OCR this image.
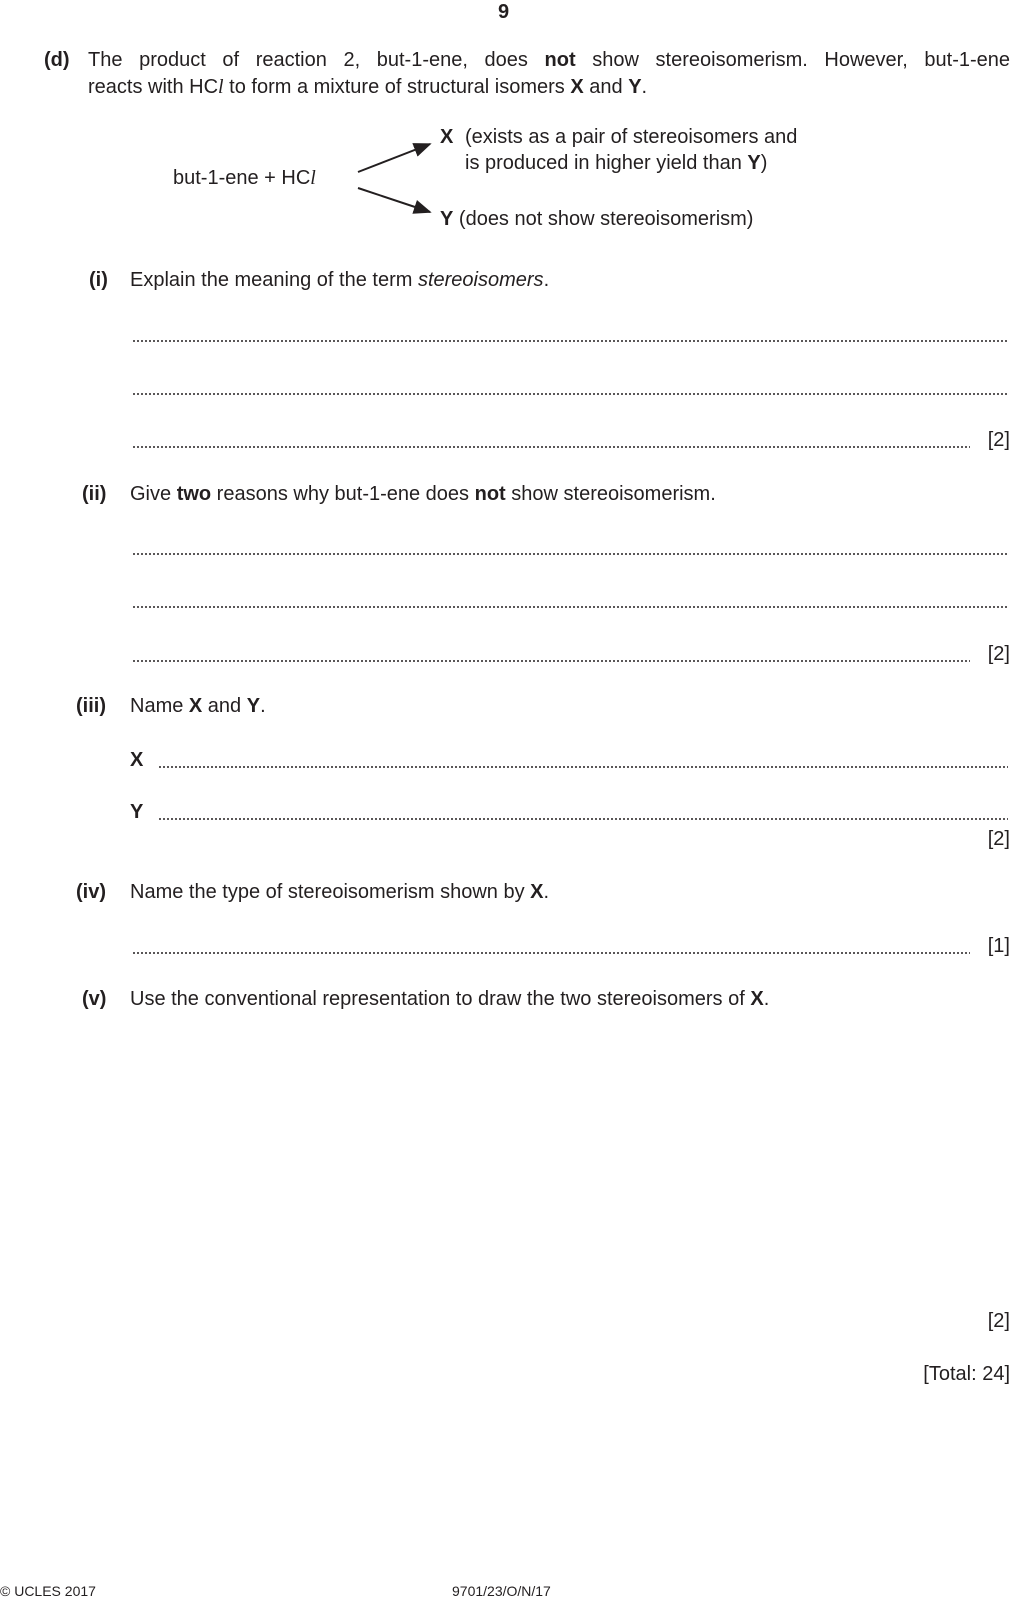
9
(d) The product of reaction 2, but-1-ene, does not show stereoisomerism. However, but-1-ene
reacts with HCl to form a mixture of structural isomers X and Y.
but-1-ene + HCl
X (exists as a pair of stereoisomers and
is produced in higher yield than Y)
Y (does not show stereoisomerism)
(i) Explain the meaning of the term stereoisomers.
[2]
(ii) Give two reasons why but-1-ene does not show stereoisomerism.
[2]
(iii) Name X and Y.
X
Y
[2]
(iv) Name the type of stereoisomerism shown by X.
[1]
(v) Use the conventional representation to draw the two stereoisomers of X.
[2]
[Total: 24]
© UCLES 2017	9701/23/O/N/17
